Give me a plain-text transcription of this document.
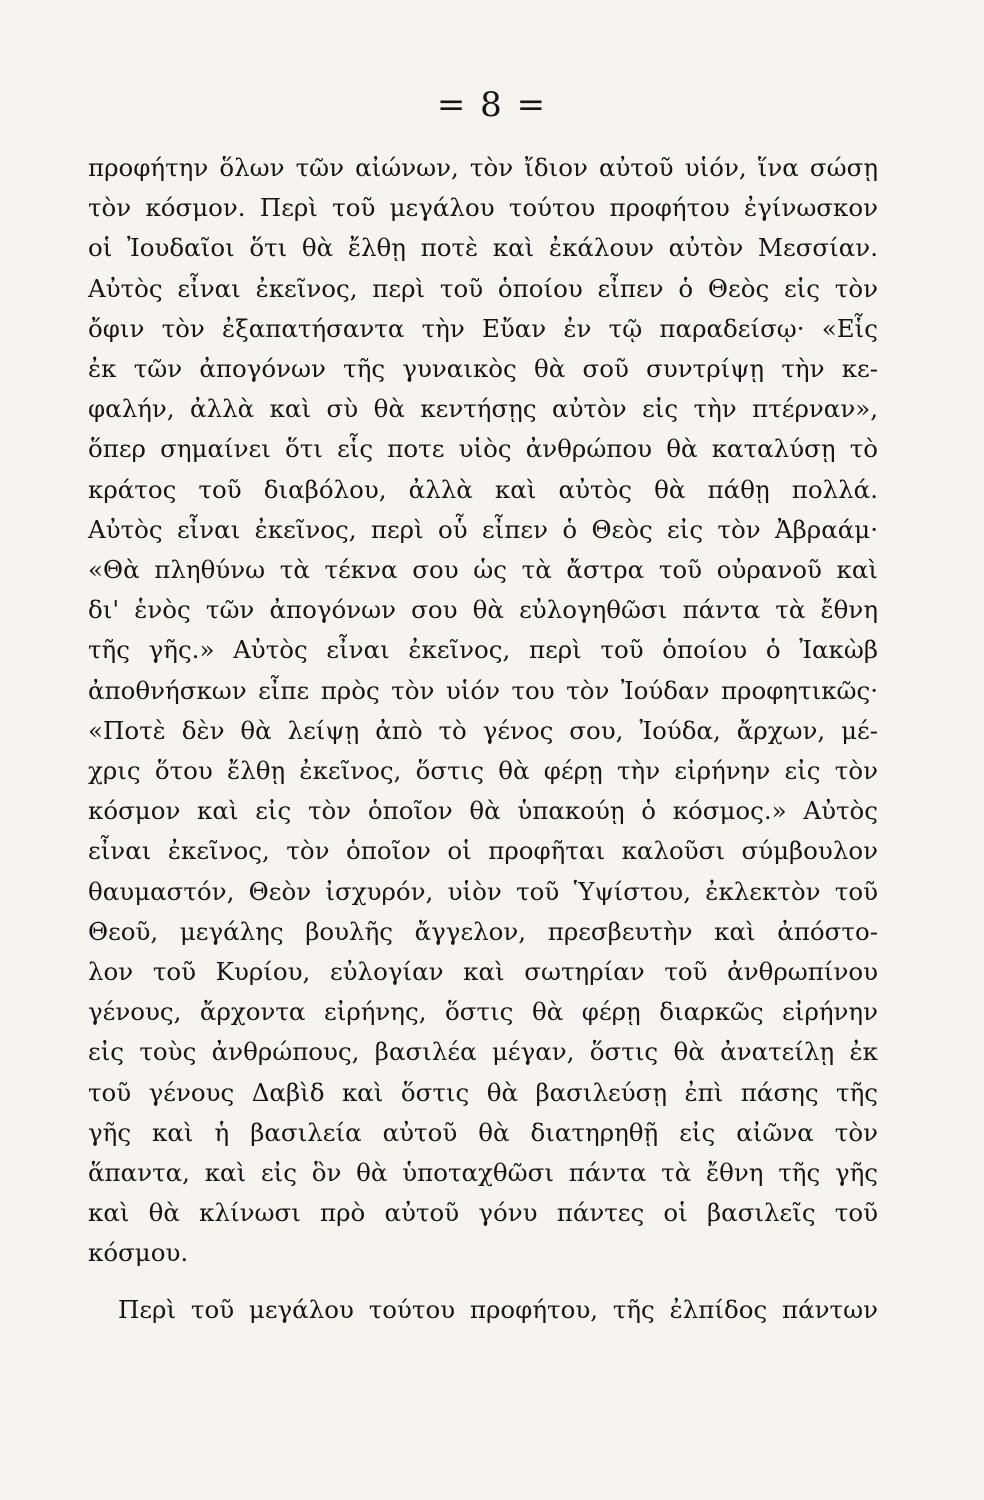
= 8 =
προφήτην ὅλων τῶν αἰώνων, τὸν ἴδιον αὐτοῦ υἱόν, ἵνα σώσῃ
τὸν κόσμον. Περὶ τοῦ μεγάλου τούτου προφήτου ἐγίνωσκον
οἱ Ἰουδαῖοι ὅτι θὰ ἔλθῃ ποτὲ καὶ ἐκάλουν αὐτὸν Μεσσίαν.
Αὐτὸς εἶναι ἐκεῖνος, περὶ τοῦ ὁποίου εἶπεν ὁ Θεὸς εἰς τὸν
ὄφιν τὸν ἐξαπατήσαντα τὴν Εὔαν ἐν τῷ παραδείσῳ· «Εἷς
ἐκ τῶν ἀπογόνων τῆς γυναικὸς θὰ σοῦ συντρίψῃ τὴν κε-
φαλήν, ἀλλὰ καὶ σὺ θὰ κεντήσῃς αὐτὸν εἰς τὴν πτέρναν»,
ὅπερ σημαίνει ὅτι εἷς ποτε υἱὸς ἀνθρώπου θὰ καταλύσῃ τὸ
κράτος τοῦ διαβόλου, ἀλλὰ καὶ αὐτὸς θὰ πάθῃ πολλά.
Αὐτὸς εἶναι ἐκεῖνος, περὶ οὗ εἶπεν ὁ Θεὸς εἰς τὸν Ἀβραάμ·
«Θὰ πληθύνω τὰ τέκνα σου ὡς τὰ ἄστρα τοῦ οὐρανοῦ καὶ
δι' ἑνὸς τῶν ἀπογόνων σου θὰ εὐλογηθῶσι πάντα τὰ ἔθνη
τῆς γῆς.» Αὐτὸς εἶναι ἐκεῖνος, περὶ τοῦ ὁποίου ὁ Ἰακὼβ
ἀποθνήσκων εἶπε πρὸς τὸν υἱόν του τὸν Ἰούδαν προφητικῶς·
«Ποτὲ δὲν θὰ λείψῃ ἀπὸ τὸ γένος σου, Ἰούδα, ἄρχων, μέ-
χρις ὅτου ἔλθῃ ἐκεῖνος, ὅστις θὰ φέρῃ τὴν εἰρήνην εἰς τὸν
κόσμον καὶ εἰς τὸν ὁποῖον θὰ ὑπακούῃ ὁ κόσμος.» Αὐτὸς
εἶναι ἐκεῖνος, τὸν ὁποῖον οἱ προφῆται καλοῦσι σύμβουλον
θαυμαστόν, Θεὸν ἰσχυρόν, υἱὸν τοῦ Ὑψίστου, ἐκλεκτὸν τοῦ
Θεοῦ, μεγάλης βουλῆς ἄγγελον, πρεσβευτὴν καὶ ἀπόστο-
λον τοῦ Κυρίου, εὐλογίαν καὶ σωτηρίαν τοῦ ἀνθρωπίνου
γένους, ἄρχοντα εἰρήνης, ὅστις θὰ φέρῃ διαρκῶς εἰρήνην
εἰς τοὺς ἀνθρώπους, βασιλέα μέγαν, ὅστις θὰ ἀνατείλῃ ἐκ
τοῦ γένους Δαβὶδ καὶ ὅστις θὰ βασιλεύσῃ ἐπὶ πάσης τῆς
γῆς καὶ ἡ βασιλεία αὐτοῦ θὰ διατηρηθῇ εἰς αἰῶνα τὸν
ἅπαντα, καὶ εἰς ὃν θὰ ὑποταχθῶσι πάντα τὰ ἔθνη τῆς γῆς
καὶ θὰ κλίνωσι πρὸ αὐτοῦ γόνυ πάντες οἱ βασιλεῖς τοῦ
κόσμου.
Περὶ τοῦ μεγάλου τούτου προφήτου, τῆς ἐλπίδος πάντων
